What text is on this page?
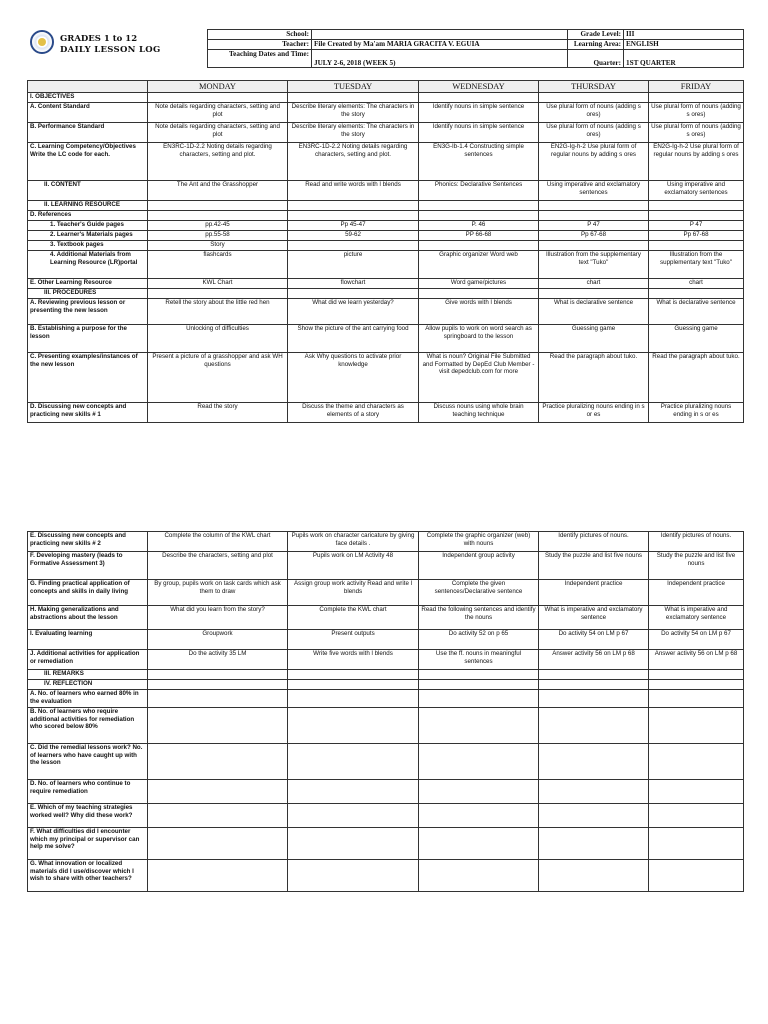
GRADES 1 to 12
DAILY LESSON LOG
School:		Grade Level:	III
Teacher:	File Created by Ma'am MARIA GRACITA V. EGUIA	Learning Area:	ENGLISH
Teaching Dates and Time:	JULY 2-6, 2018 (WEEK 5)	Quarter:	1ST QUARTER
	MONDAY	TUESDAY	WEDNESDAY	THURSDAY	FRIDAY
I. OBJECTIVES					
A. Content Standard	Note details regarding characters, setting and plot	Describe literary elements: The characters in the story	Identify nouns in simple sentence	Use plural form of nouns (adding s ores)	Use plural form of nouns (adding s ores)
B. Performance Standard	Note details regarding characters, setting and plot	Describe literary elements: The characters in the story	Identify nouns in simple sentence	Use plural form of nouns (adding s ores)	Use plural form of nouns (adding s ores)
C. Learning Competency/Objectives Write the LC code for each.	EN3RC-1D-2.2 Noting details regarding characters, setting and plot.	EN3RC-1D-2.2 Noting details regarding characters, setting and plot.	EN3G-Ib-1.4 Constructing simple sentences	EN2G-Ig-h-2 Use plural form of regular nouns by adding s ores	EN2G-Ig-h-2 Use plural form of regular nouns by adding s ores
II. CONTENT	The Ant and the Grasshopper	Read and write words with l blends	Phonics: Declarative Sentences	Using imperative and exclamatory sentences	Using imperative and exclamatory sentences
II. LEARNING RESOURCE					
D. References					
1. Teacher's Guide pages	pp.42-45	Pp 45-47	P. 46	P 47	P 47
2. Learner's Materials pages	pp.55-58	59-62	PP 66-68	Pp 67-68	Pp 67-68
3. Textbook pages	Story				
4. Additional Materials from Learning Resource (LR)portal	flashcards	picture	Graphic organizer Word web	Illustration from the supplementary text "Tuko"	Illustration from the supplementary text "Tuko"
E. Other Learning Resource	KWL Chart	flowchart	Word game/pictures	chart	chart
III. PROCEDURES					
A. Reviewing previous lesson or presenting the new lesson	Retell the story about the little red hen	What did we learn yesterday?	Give words with l blends	What is declarative sentence	What is declarative sentence
B. Establishing a purpose for the lesson	Unlocking of difficulties	Show the picture of the ant carrying food	Allow pupils to work on word search as springboard to the lesson	Guessing game	Guessing game
C. Presenting examples/instances of the new lesson	Present a picture of a grasshopper and ask WH questions	Ask Why questions to activate prior knowledge	What is noun? Original File Submitted and Formatted by DepEd Club Member - visit depedclub.com for more	Read the paragraph about tuko.	Read the paragraph about tuko.
D. Discussing new concepts and practicing new skills # 1	Read the story	Discuss the theme and characters as elements of a story	Discuss nouns using whole brain teaching technique	Practice pluralizing nouns ending in s or es	Practice pluralizing nouns ending in s or es
E. Discussing new concepts and practicing new skills # 2	Complete the column of the KWL chart	Pupils work on character caricature by giving face details .	Complete the graphic organizer (web) with nouns	Identify pictures of nouns.	Identify pictures of nouns.
F. Developing mastery (leads to Formative Assessment 3)	Describe the characters, setting and plot	Pupils work on LM Activity 48	Independent group activity	Study the puzzle and list five nouns	Study the puzzle and list five nouns
G. Finding practical application of concepts and skills in daily living	By group, pupils work on task cards which ask them to draw	Assign group work activity Read and write l blends	Complete the given sentences/Declarative sentence	Independent practice	Independent practice
H. Making generalizations and abstractions about the lesson	What did you learn from the story?	Complete the KWL chart	Read the following sentences and identify the nouns	What is imperative and exclamatory sentence	What is imperative and exclamatory sentence
I. Evaluating learning	Groupwork	Present outputs	Do activity 52 on p 65	Do activity 54 on LM p 67	Do activity 54 on LM p 67
J. Additional activities for application or remediation	Do the activity 35 LM	Write five words with l blends	Use the ff. nouns in meaningful sentences	Answer activity 56 on LM p 68	Answer activity 56 on LM p 68
III. REMARKS					
IV. REFLECTION					
A. No. of learners who earned 80% in the evaluation					
B. No. of learners who require additional activities for remediation who scored below 80%					
C. Did the remedial lessons work? No. of learners who have caught up with the lesson					
D. No. of learners who continue to require remediation					
E. Which of my teaching strategies worked well? Why did these work?					
F. What difficulties did I encounter which my principal or supervisor can help me solve?					
G. What innovation or localized materials did I use/discover which I wish to share with other teachers?					
